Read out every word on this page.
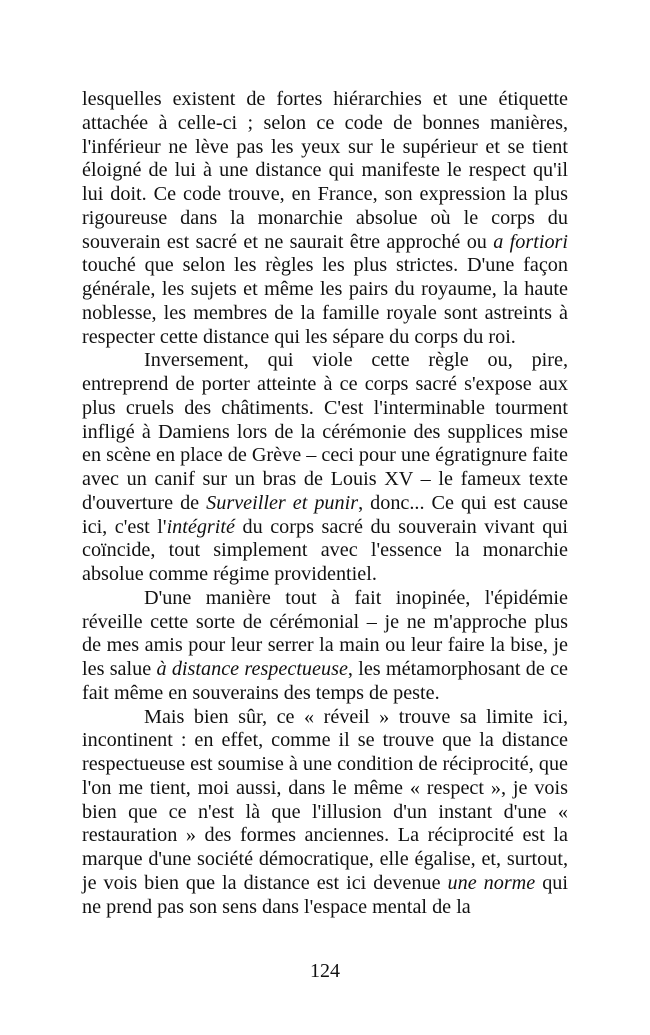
lesquelles existent de fortes hiérarchies et une étiquette attachée à celle-ci ; selon ce code de bonnes manières, l'inférieur ne lève pas les yeux sur le supérieur et se tient éloigné de lui à une distance qui manifeste le respect qu'il lui doit. Ce code trouve, en France, son expression la plus rigoureuse dans la monarchie absolue où le corps du souverain est sacré et ne saurait être approché ou a fortiori touché que selon les règles les plus strictes. D'une façon générale, les sujets et même les pairs du royaume, la haute noblesse, les membres de la famille royale sont astreints à respecter cette distance qui les sépare du corps du roi.

Inversement, qui viole cette règle ou, pire, entreprend de porter atteinte à ce corps sacré s'expose aux plus cruels des châtiments. C'est l'interminable tourment infligé à Damiens lors de la cérémonie des supplices mise en scène en place de Grève – ceci pour une égratignure faite avec un canif sur un bras de Louis XV – le fameux texte d'ouverture de Surveiller et punir, donc... Ce qui est cause ici, c'est l'intégrité du corps sacré du souverain vivant qui coïncide, tout simplement avec l'essence la monarchie absolue comme régime providentiel.

D'une manière tout à fait inopinée, l'épidémie réveille cette sorte de cérémonial – je ne m'approche plus de mes amis pour leur serrer la main ou leur faire la bise, je les salue à distance respectueuse, les métamorphosant de ce fait même en souverains des temps de peste.

Mais bien sûr, ce « réveil » trouve sa limite ici, incontinent : en effet, comme il se trouve que la distance respectueuse est soumise à une condition de réciprocité, que l'on me tient, moi aussi, dans le même « respect », je vois bien que ce n'est là que l'illusion d'un instant d'une « restauration » des formes anciennes. La réciprocité est la marque d'une société démocratique, elle égalise, et, surtout, je vois bien que la distance est ici devenue une norme qui ne prend pas son sens dans l'espace mental de la

124
